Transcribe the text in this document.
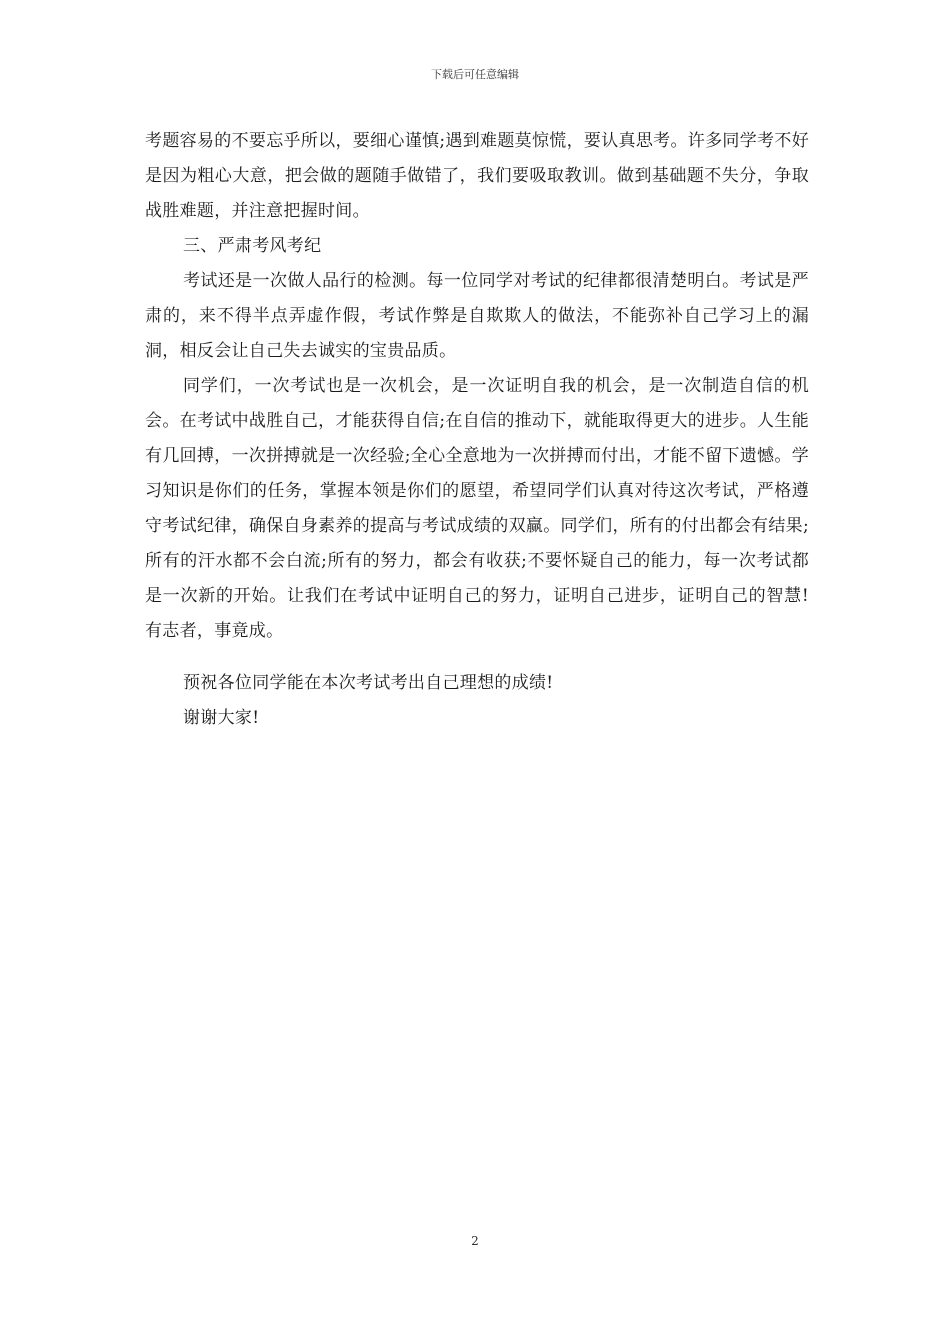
下载后可任意编辑

考题容易的不要忘乎所以，要细心谨慎;遇到难题莫惊慌，要认真思考。许多同学考不好是因为粗心大意，把会做的题随手做错了，我们要吸取教训。做到基础题不失分，争取战胜难题，并注意把握时间。

三、严肃考风考纪

考试还是一次做人品行的检测。每一位同学对考试的纪律都很清楚明白。考试是严肃的，来不得半点弄虚作假，考试作弊是自欺欺人的做法，不能弥补自己学习上的漏洞，相反会让自己失去诚实的宝贵品质。

同学们，一次考试也是一次机会，是一次证明自我的机会，是一次制造自信的机会。在考试中战胜自己，才能获得自信;在自信的推动下，就能取得更大的进步。人生能有几回搏，一次拼搏就是一次经验;全心全意地为一次拼搏而付出，才能不留下遗憾。学习知识是你们的任务，掌握本领是你们的愿望，希望同学们认真对待这次考试，严格遵守考试纪律，确保自身素养的提高与考试成绩的双赢。同学们，所有的付出都会有结果;所有的汗水都不会白流;所有的努力，都会有收获;不要怀疑自己的能力，每一次考试都是一次新的开始。让我们在考试中证明自己的努力，证明自己进步，证明自己的智慧!有志者，事竟成。

预祝各位同学能在本次考试考出自己理想的成绩!

谢谢大家!

2
